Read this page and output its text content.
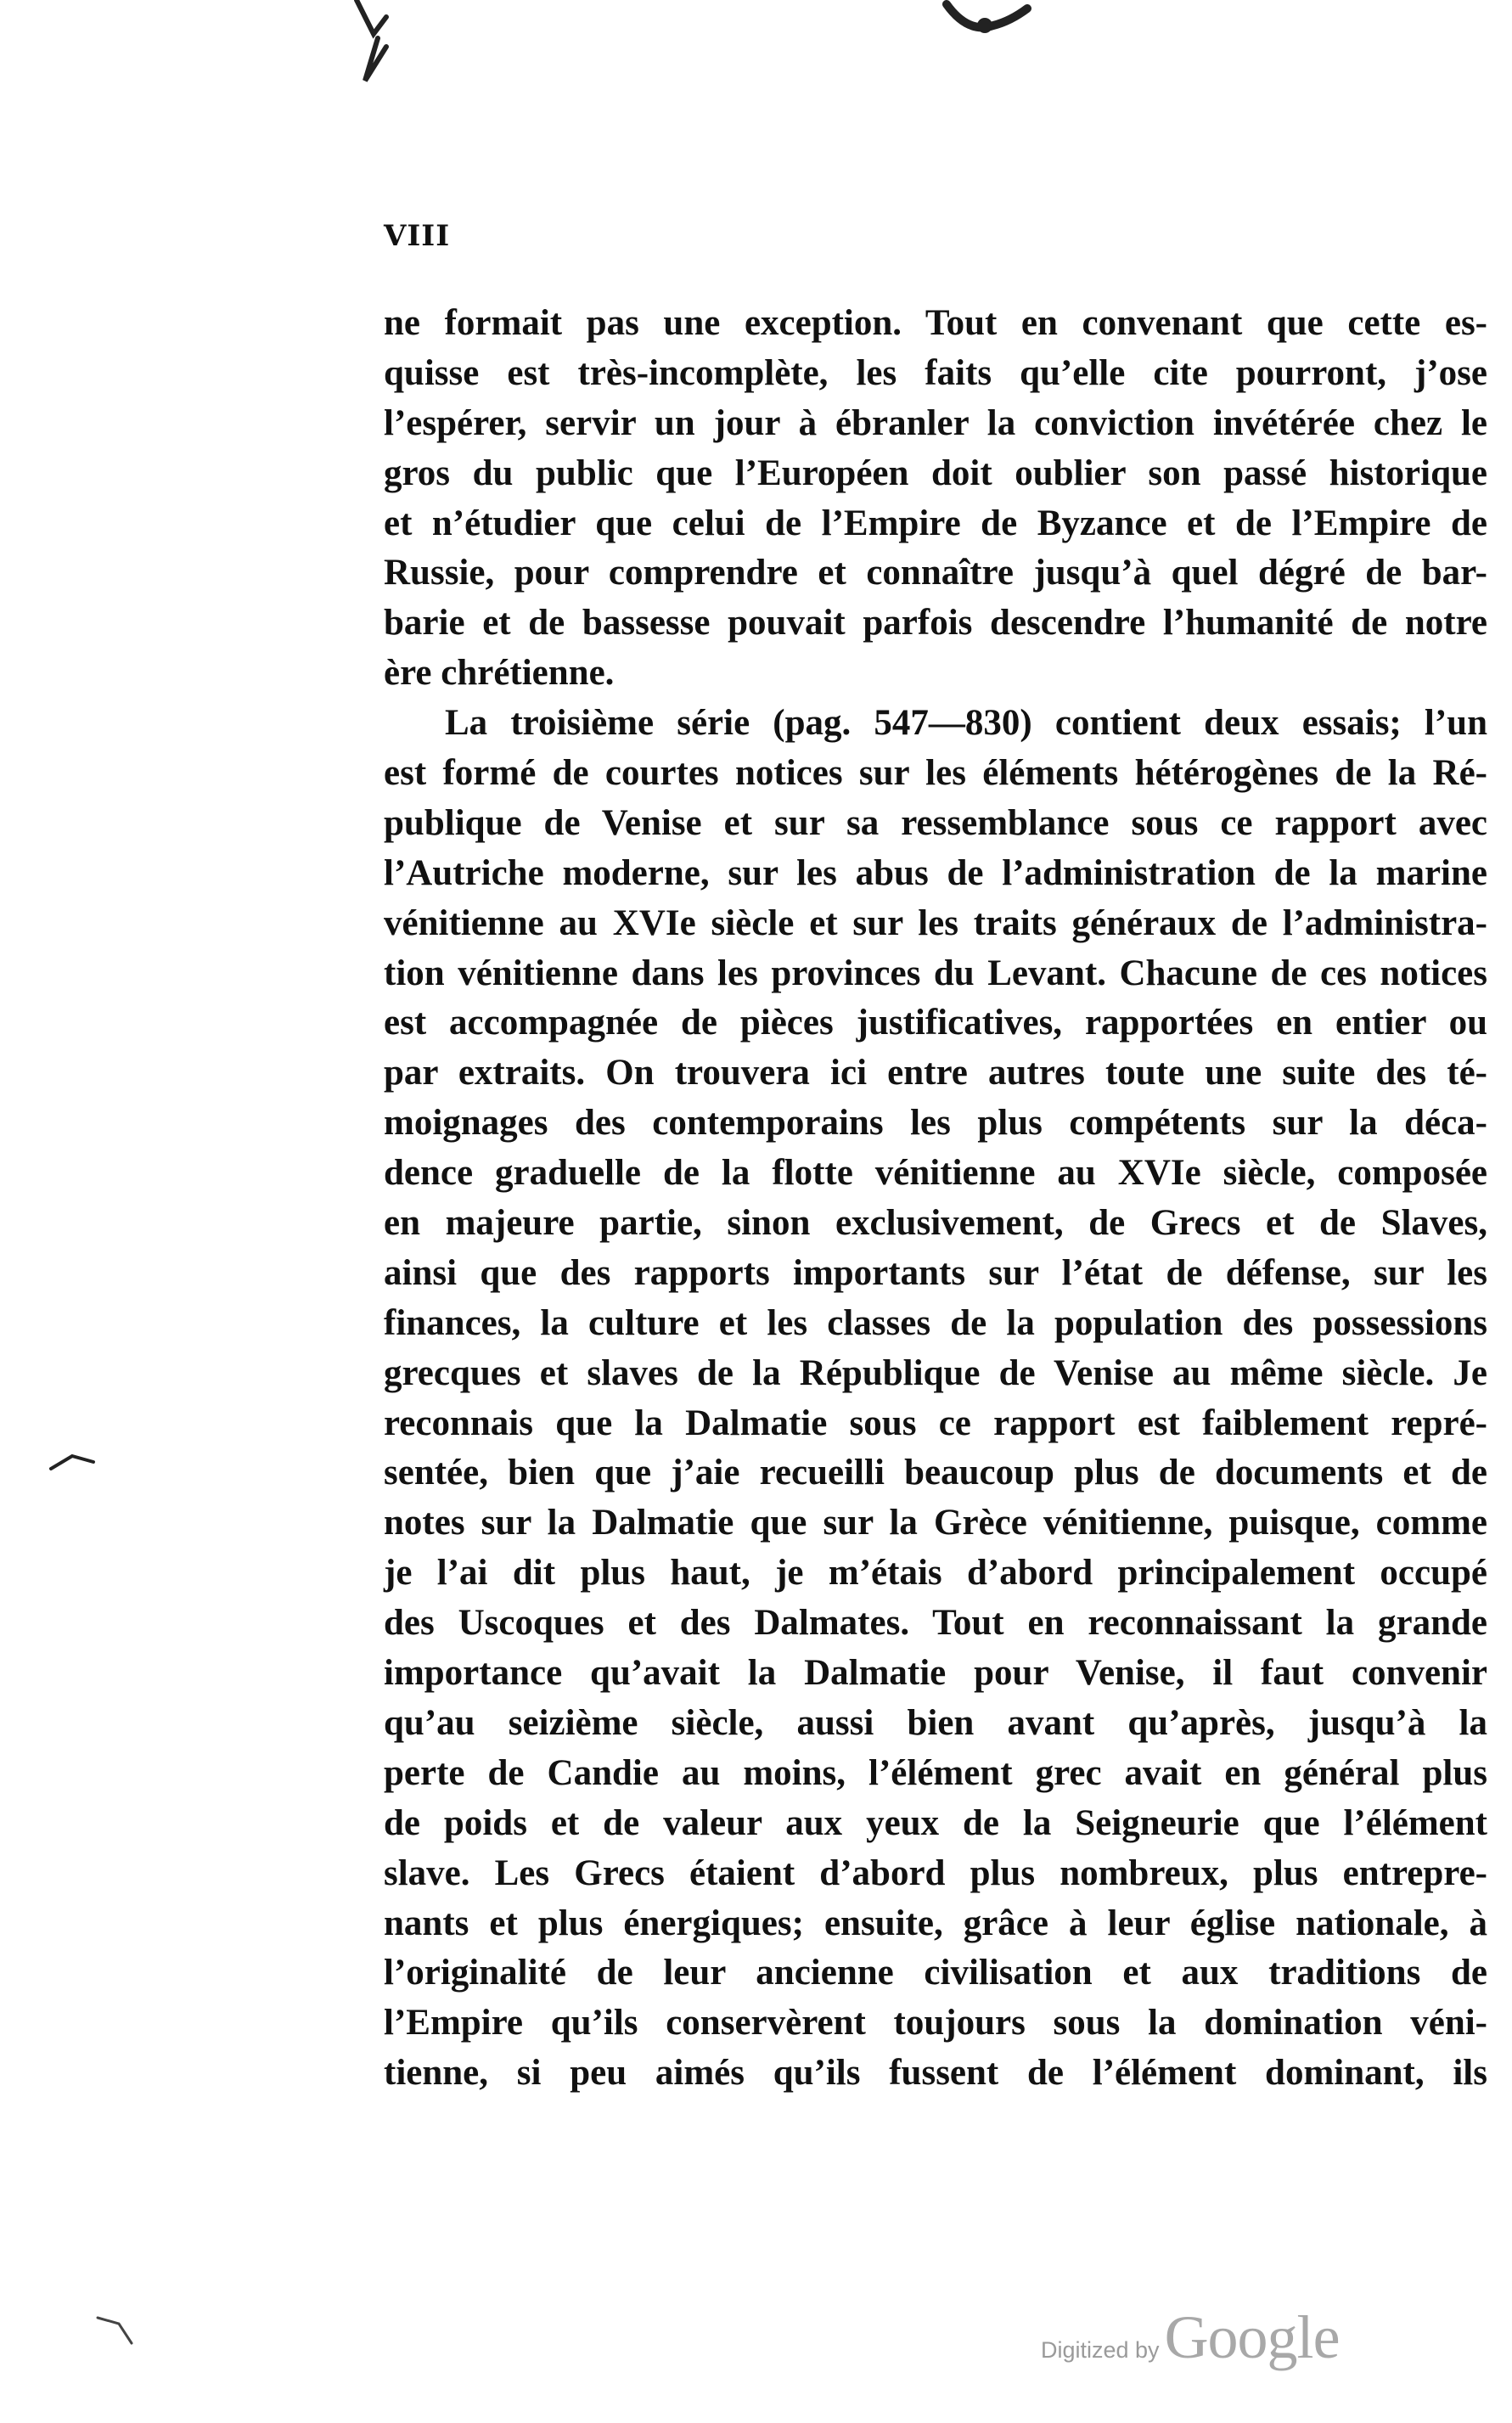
VIII
ne formait pas une exception. Tout en convenant que cette es-
quisse est très-incomplète, les faits qu’elle cite pourront, j’ose
l’espérer, servir un jour à ébranler la conviction invétérée chez le
gros du public que l’Européen doit oublier son passé historique
et n’étudier que celui de l’Empire de Byzance et de l’Empire de
Russie, pour comprendre et connaître jusqu’à quel dégré de bar-
barie et de bassesse pouvait parfois descendre l’humanité de notre
ère chrétienne.
La troisième série (pag. 547—830) contient deux essais; l’un
est formé de courtes notices sur les éléments hétérogènes de la Ré-
publique de Venise et sur sa ressemblance sous ce rapport avec
l’Autriche moderne, sur les abus de l’administration de la marine
vénitienne au XVIe siècle et sur les traits généraux de l’administra-
tion vénitienne dans les provinces du Levant. Chacune de ces notices
est accompagnée de pièces justificatives, rapportées en entier ou
par extraits. On trouvera ici entre autres toute une suite des té-
moignages des contemporains les plus compétents sur la déca-
dence graduelle de la flotte vénitienne au XVIe siècle, composée
en majeure partie, sinon exclusivement, de Grecs et de Slaves,
ainsi que des rapports importants sur l’état de défense, sur les
finances, la culture et les classes de la population des possessions
grecques et slaves de la République de Venise au même siècle. Je
reconnais que la Dalmatie sous ce rapport est faiblement repré-
sentée, bien que j’aie recueilli beaucoup plus de documents et de
notes sur la Dalmatie que sur la Grèce vénitienne, puisque, comme
je l’ai dit plus haut, je m’étais d’abord principalement occupé
des Uscoques et des Dalmates. Tout en reconnaissant la grande
importance qu’avait la Dalmatie pour Venise, il faut convenir
qu’au seizième siècle, aussi bien avant qu’après, jusqu’à la
perte de Candie au moins, l’élément grec avait en général plus
de poids et de valeur aux yeux de la Seigneurie que l’élément
slave. Les Grecs étaient d’abord plus nombreux, plus entrepre-
nants et plus énergiques; ensuite, grâce à leur église nationale, à
l’originalité de leur ancienne civilisation et aux traditions de
l’Empire qu’ils conservèrent toujours sous la domination véni-
tienne, si peu aimés qu’ils fussent de l’élément dominant, ils
Digitized by Google
